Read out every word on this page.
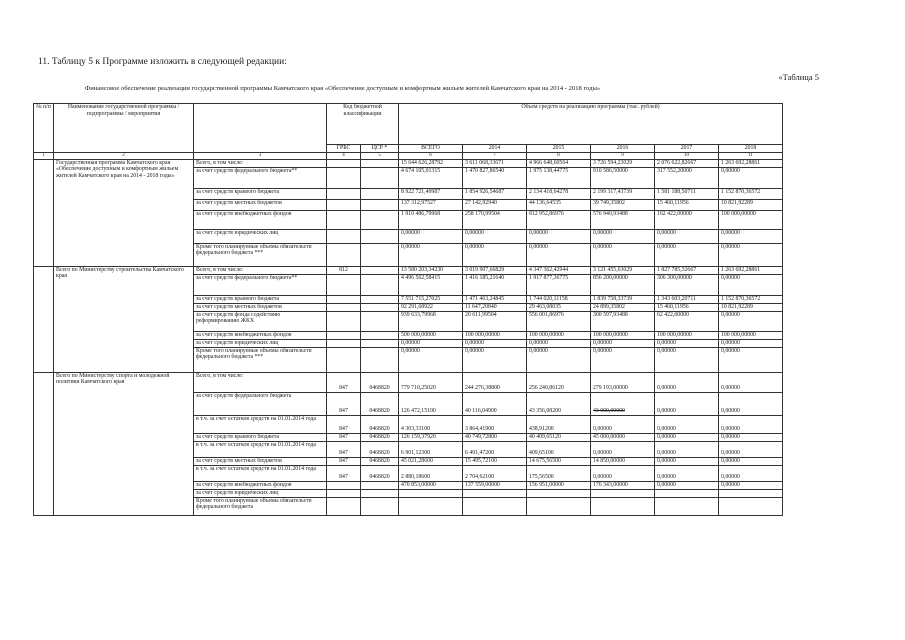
11. Таблицу 5 к Программе изложить в следующей редакции:
«Таблица 5
Финансовое обеспечение реализации государственной программы Камчатского края «Обеспечение доступным и комфортным жильем жителей Камчатского края на 2014 - 2018 годы»
№ п/п	Наименование государственной программы / подпрограммы / мероприятия		Код бюджетной классификации		Объем средств на реализацию программы (тыс. рублей)					
			ГРБС	ЦСР *	ВСЕГО	2014	2015	2016	2017	2018
1	2	3	4	5	6	7	8	9	10	11
	Государственная программа Камчатского края «Обеспечение доступным и комфортным жильем жителей Камчатского края на 2014 - 2018 годы»	Всего, в том числе:			15 644 626,28792	3 611 068,33671	4 966 648,60564	3 726 594,23029	2 076 622,82667	1 263 692,28861
		за счет средств федерального бюджета**			4 674 105,01315	1 470 827,86540	1 975 138,44775	910 586,50000	317 552,20000	0,00000
		за счет средств краевого бюджета			8 922 721,49987	1 854 926,54687	2 134 418,64278	2 199 317,43739	1 581 188,50711	1 152 870,36572
		за счет средств местных бюджетов			137 312,97527	27 142,92940	44 136,64535	39 749,35802	15 460,11956	10 821,92289
		за счет средств внебюджетных фондов			1 910 486,79968	258 170,99504	812 952,86976	576 940,93488	162 422,00000	100 000,00000
		за счет средств юридических лиц			0,00000	0,00000	0,00000	0,00000	0,00000	0,00000
		Кроме того планируемые объемы обязательств федерального бюджета ***			0,00000	0,00000	0,00000	0,00000	0,00000	0,00000
	Всего по Министерству строительства Камчатского края	Всего, в том числе:	812		13 580 203,34230	3 019 907,66829	4 347 362,42944	3 121 455,63029	1 827 785,32667	1 263 692,28861
		за счет средств федерального бюджета**			4 496 562,58415	1 416 185,21640	1 917 877,36775	856 200,00000	306 300,00000	0,00000
		за счет средств краевого бюджета			7 551 715,27025	1 471 463,24845	1 744 020,11158	1 839 758,33739	1 343 603,20711	1 152 870,36572
		за счет средств местных бюджетов			92 291,68922	11 647,20840	29 463,08035	24 899,35802	15 460,11956	10 821,92289
		за счет средств фонда содействию реформированию ЖКХ			939 633,79968	20 611,99504	556 001,86976	300 597,93488	62 422,00000	0,00000
		за счет средств внебюджетных фондов			500 000,00000	100 000,00000	100 000,00000	100 000,00000	100 000,00000	100 000,00000
		за счет средств юридических лиц			0,00000	0,00000	0,00000	0,00000	0,00000	0,00000
		Кроме того планируемые объемы обязательств федерального бюджета ***			0,00000	0,00000	0,00000	0,00000	0,00000	0,00000
	Всего по Министерству спорта и молодежной политики Камчатского края	Всего, в том числе:	847	0468820	779 710,25020	244 276,38800	256 240,86120	279 193,00000	0,00000	0,00000
		за счет средств федерального бюджета	847	0468820	126 472,15100	40 116,04900	43 356,08200	43 000,00000	0,00000	0,00000
		в т.ч. за счет остатков средств на 01.01.2014 года	847	0468820	4 303,33100	3 864,41900	438,91200	0,00000	0,00000	0,00000
		за счет средств краевого бюджета	847	0468820	126 159,37920	40 749,72800	40 409,65120	45 000,00000	0,00000	0,00000
		в т.ч. за счет остатков средств на 01.01.2014 года	847	0468820	6 901,12300	6 491,47200	409,65100	0,00000	0,00000	0,00000
		за счет средств местных бюджетов	847	0468820	45 021,28600	15 495,72100	14 675,56500	14 850,00000	0,00000	0,00000
		в т.ч. за счет остатков средств на 01.01.2014 года	847	0468820	2 880,18600	2 704,62100	175,56500	0,00000	0,00000	0,00000
		за счет средств внебюджетных фондов			470 853,00000	137 559,00000	156 951,00000	176 343,00000	0,00000	0,00000
		за счет средств юридических лиц								
		Кроме того планируемые объемы обязательств федерального бюджета								
